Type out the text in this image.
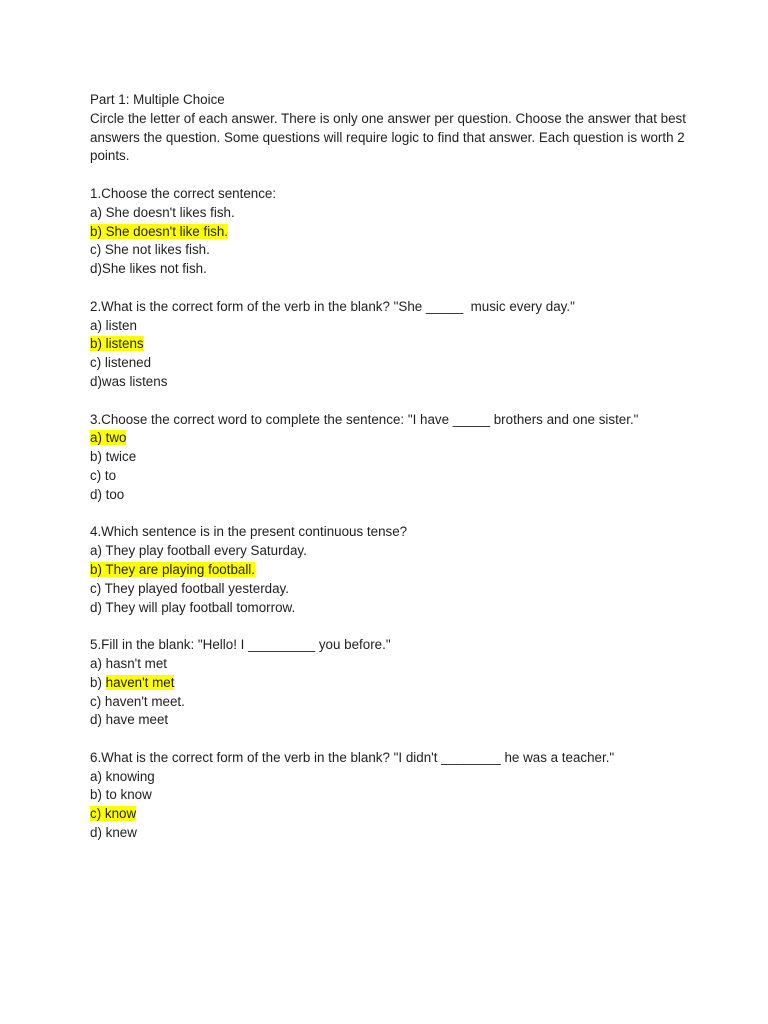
Part 1: Multiple Choice
Circle the letter of each answer. There is only one answer per question. Choose the answer that best answers the question. Some questions will require logic to find that answer. Each question is worth 2 points.
1.Choose the correct sentence:
a) She doesn't likes fish.
b) She doesn't like fish.
c) She not likes fish.
d)She likes not fish.
2.What is the correct form of the verb in the blank? "She _____  music every day."
a) listen
b) listens
c) listened
d)was listens
3.Choose the correct word to complete the sentence: "I have _____ brothers and one sister."
a) two
b) twice
c) to
d) too
4.Which sentence is in the present continuous tense?
a) They play football every Saturday.
b) They are playing football.
c) They played football yesterday.
d) They will play football tomorrow.
5.Fill in the blank: "Hello! I _________ you before."
a) hasn't met
b) haven't met
c) haven't meet.
d) have meet
6.What is the correct form of the verb in the blank? "I didn't ________ he was a teacher."
a) knowing
b) to know
c) know
d) knew
